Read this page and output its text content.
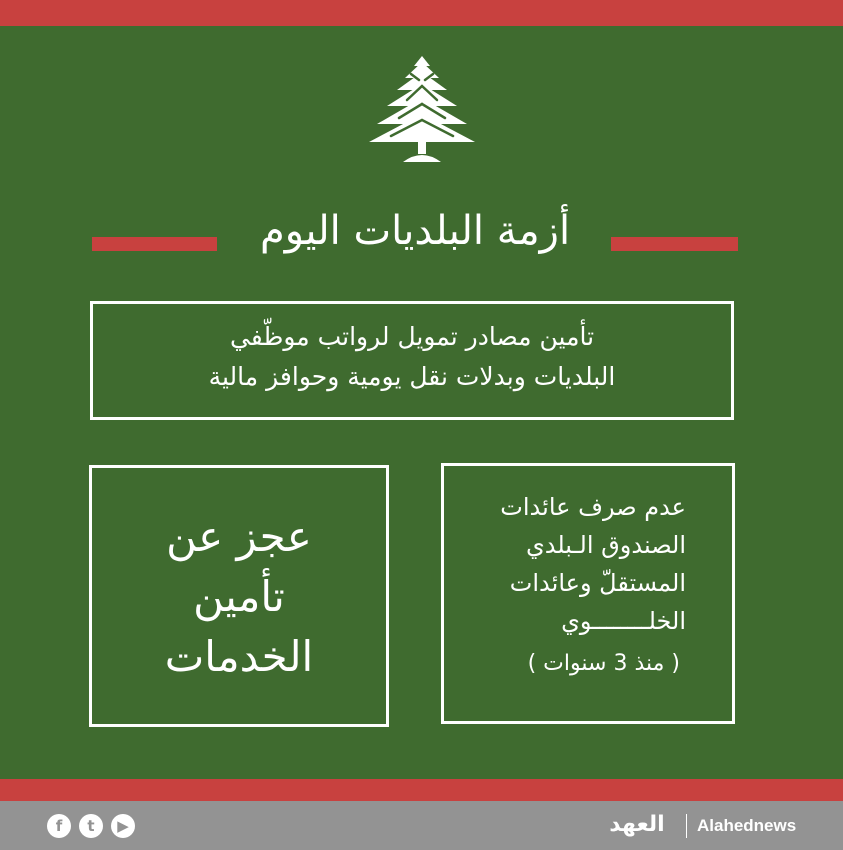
أزمة البلديات اليوم
تأمين مصادر تمويل لرواتب موظّفي
البلديات وبدلات نقل يومية وحوافز مالية
عجز عن
تأمين
الخدمات
عدم صرف عائدات
الصندوق الـبلدي
المستقلّ وعائدات
الخلــــــــوي
( منذ 3 سنوات )
f	t	▶	العهد	Alahednews
